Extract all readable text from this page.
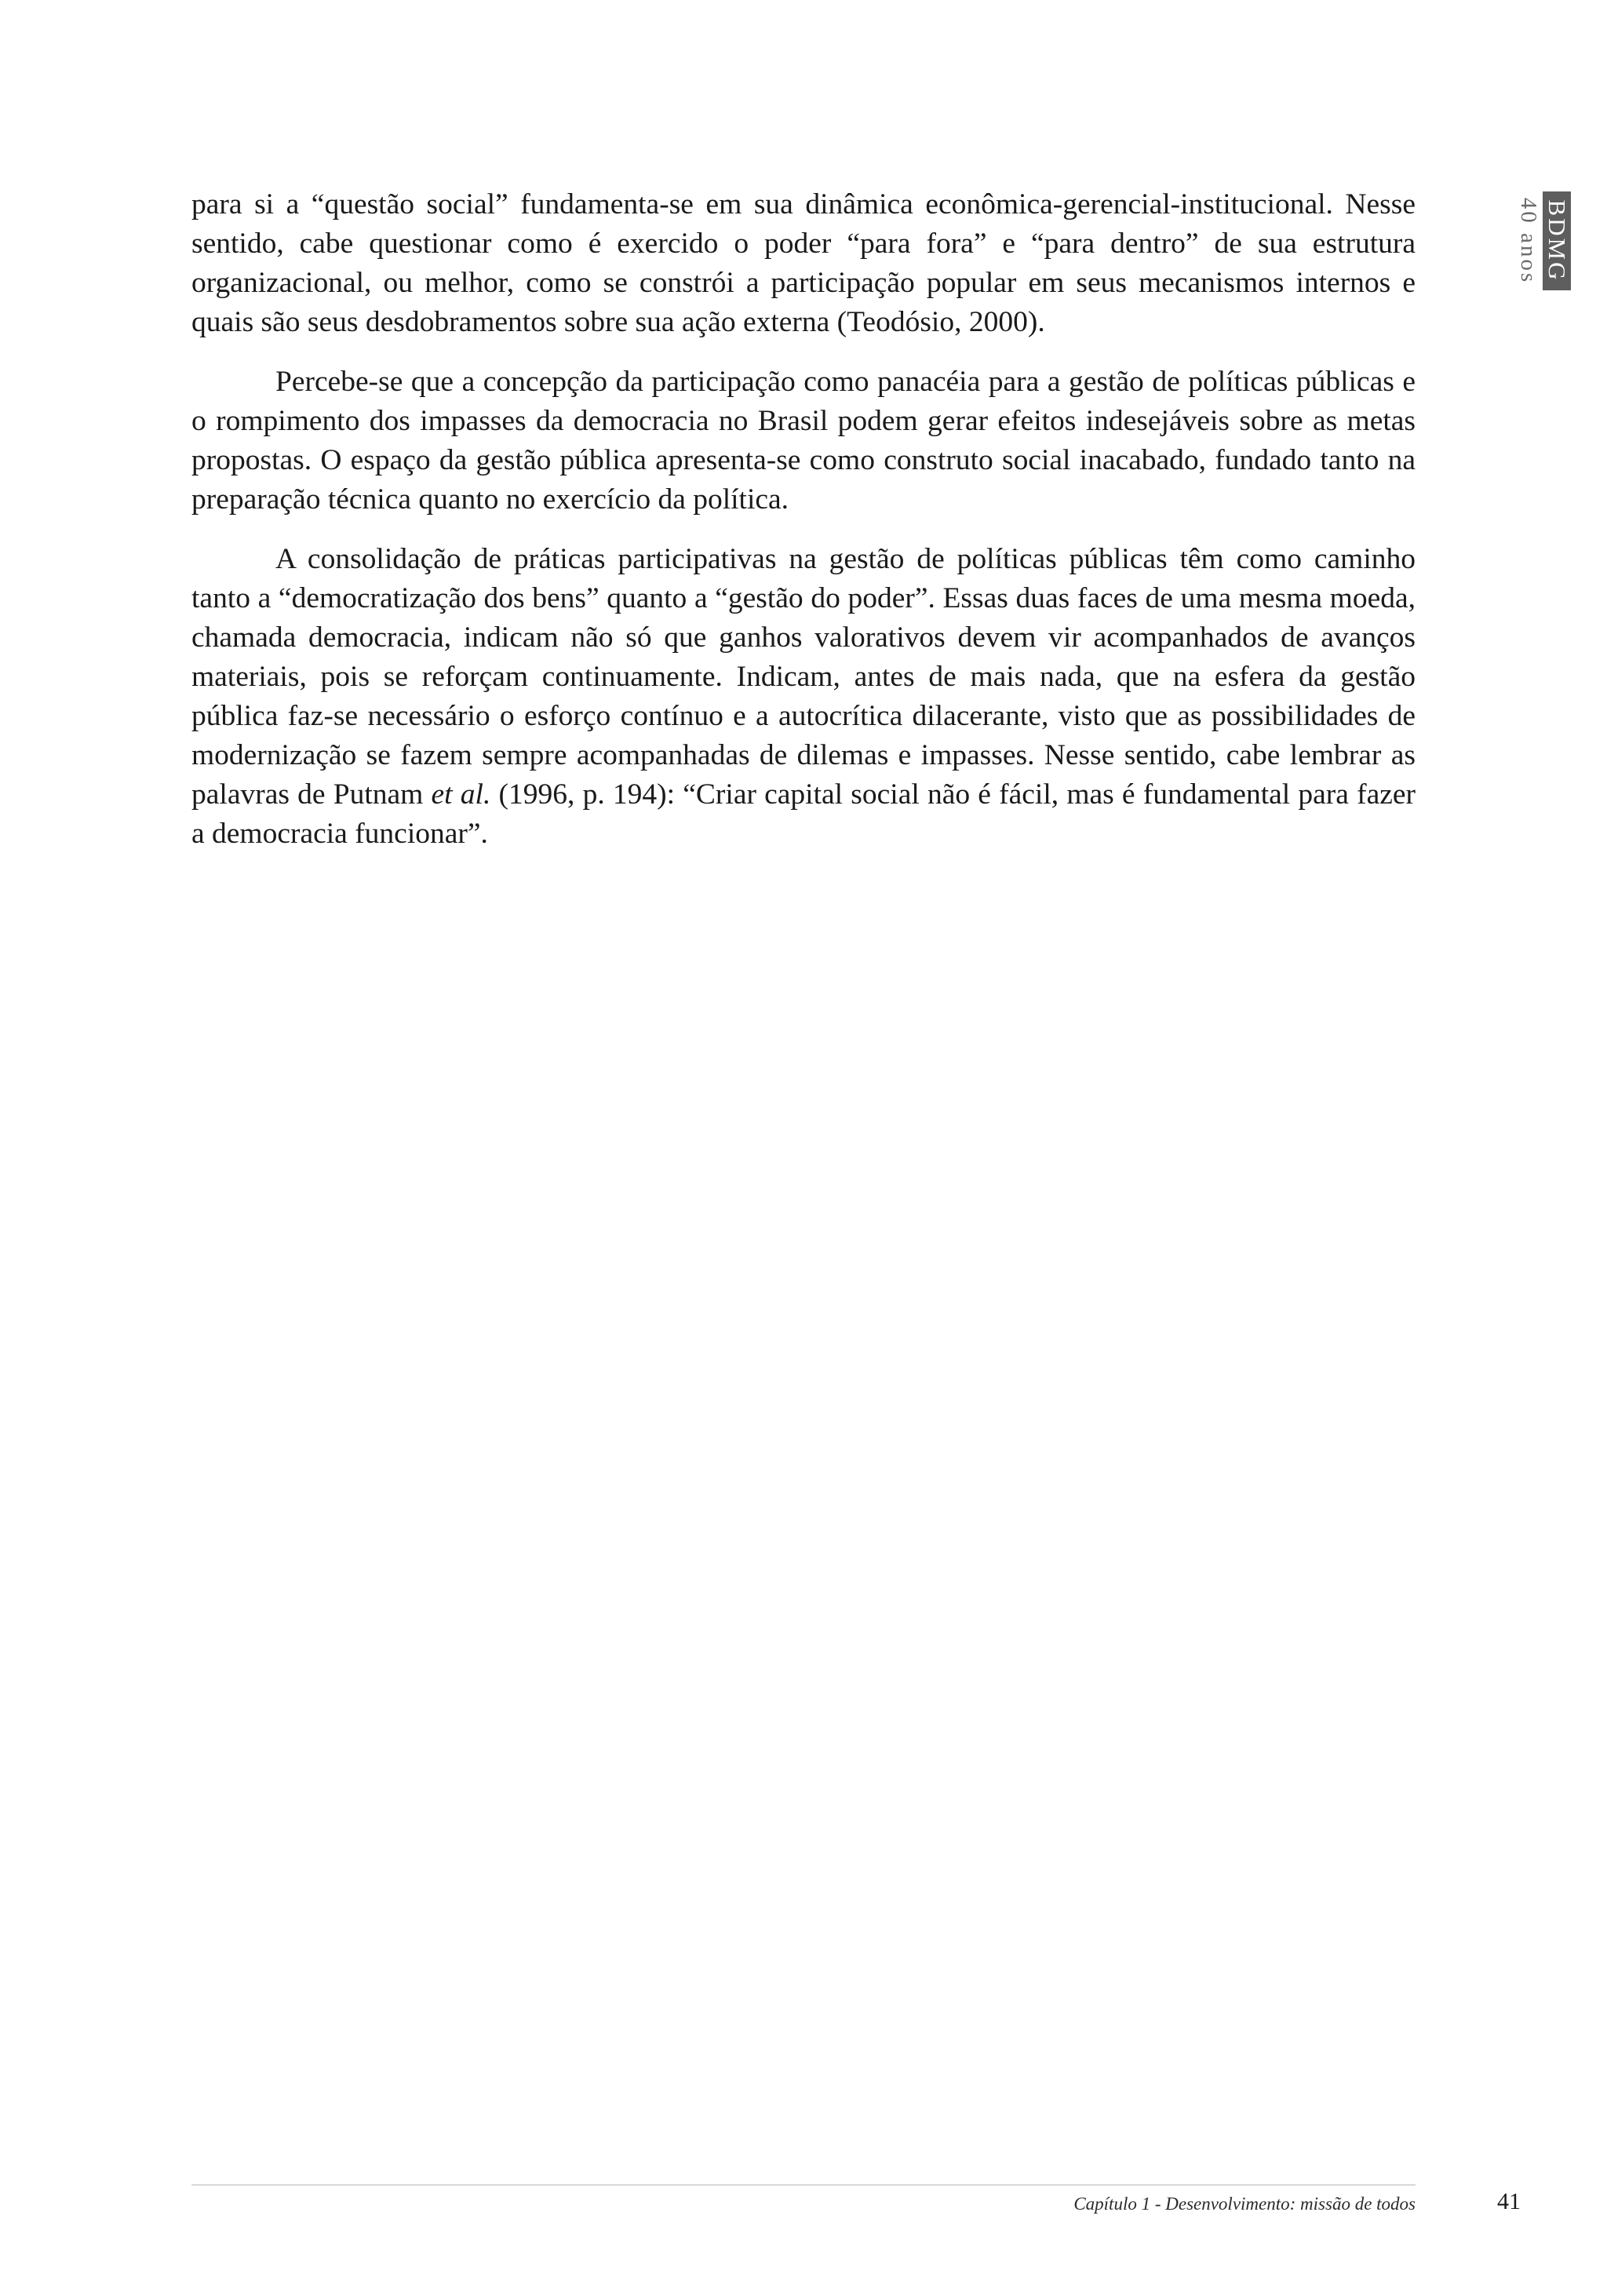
BDMG
40 anos

para si a “questão social” fundamenta-se em sua dinâmica econômica-gerencial-institucional. Nesse sentido, cabe questionar como é exercido o poder “para fora” e “para dentro” de sua estrutura organizacional, ou melhor, como se constrói a participação popular em seus mecanismos internos e quais são seus desdobramentos sobre sua ação externa (Teodósio, 2000).

Percebe-se que a concepção da participação como panacéia para a gestão de políticas públicas e o rompimento dos impasses da democracia no Brasil podem gerar efeitos indesejáveis sobre as metas propostas. O espaço da gestão pública apresenta-se como construto social inacabado, fundado tanto na preparação técnica quanto no exercício da política.

A consolidação de práticas participativas na gestão de políticas públicas têm como caminho tanto a “democratização dos bens” quanto a “gestão do poder”. Essas duas faces de uma mesma moeda, chamada democracia, indicam não só que ganhos valorativos devem vir acompanhados de avanços materiais, pois se reforçam continuamente. Indicam, antes de mais nada, que na esfera da gestão pública faz-se necessário o esforço contínuo e a autocrítica dilacerante, visto que as possibilidades de modernização se fazem sempre acompanhadas de dilemas e impasses. Nesse sentido, cabe lembrar as palavras de Putnam et al. (1996, p. 194): “Criar capital social não é fácil, mas é fundamental para fazer a democracia funcionar”.

Capítulo 1 - Desenvolvimento: missão de todos	41
